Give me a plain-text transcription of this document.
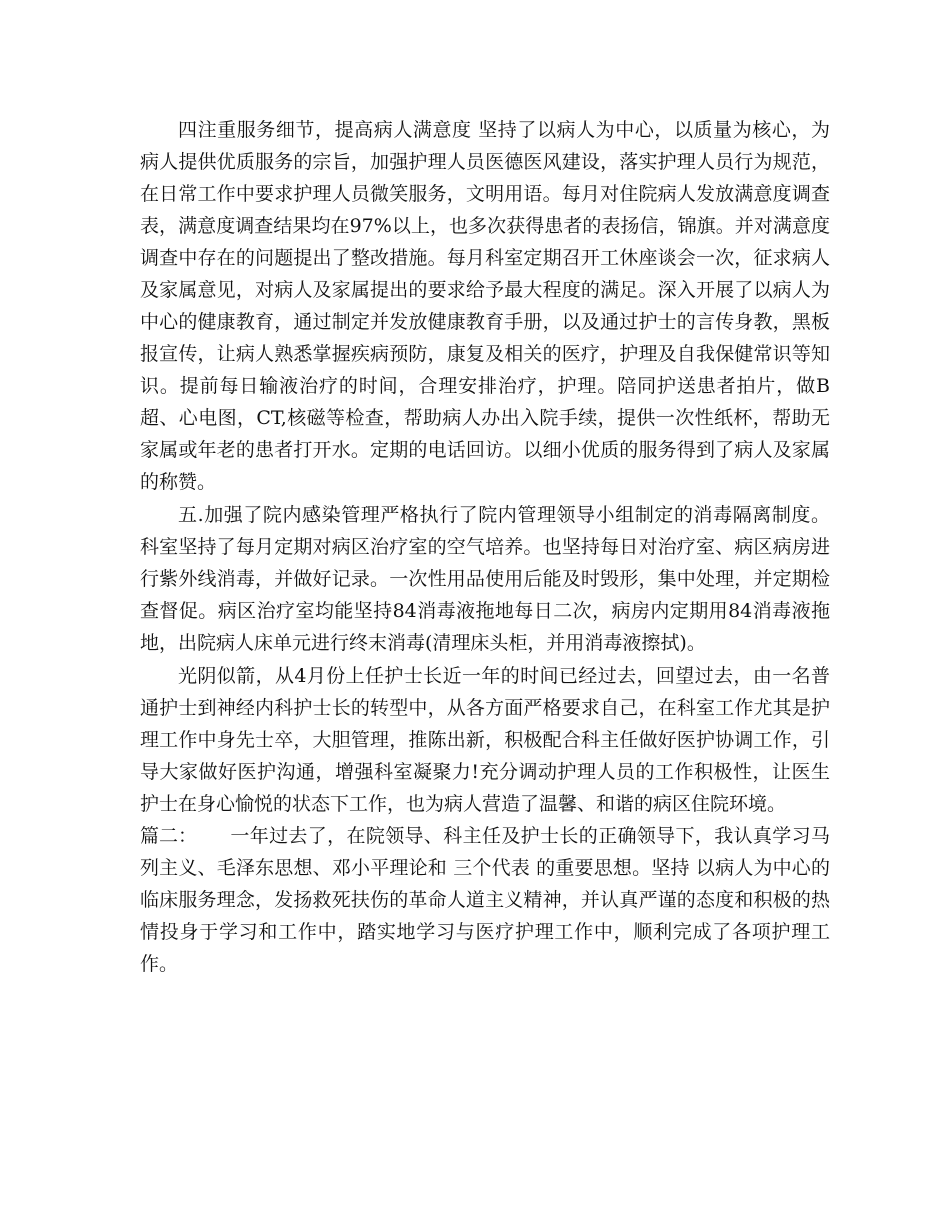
四注重服务细节，提高病人满意度 坚持了以病人为中心，以质量为核心，为病人提供优质服务的宗旨，加强护理人员医德医风建设，落实护理人员行为规范，在日常工作中要求护理人员微笑服务，文明用语。每月对住院病人发放满意度调查表，满意度调查结果均在97%以上，也多次获得患者的表扬信，锦旗。并对满意度调查中存在的问题提出了整改措施。每月科室定期召开工休座谈会一次，征求病人及家属意见，对病人及家属提出的要求给予最大程度的满足。深入开展了以病人为中心的健康教育，通过制定并发放健康教育手册，以及通过护士的言传身教，黑板报宣传，让病人熟悉掌握疾病预防，康复及相关的医疗，护理及自我保健常识等知识。提前每日输液治疗的时间，合理安排治疗，护理。陪同护送患者拍片，做B超、心电图，CT,核磁等检查，帮助病人办出入院手续，提供一次性纸杯，帮助无家属或年老的患者打开水。定期的电话回访。以细小优质的服务得到了病人及家属的称赞。

五.加强了院内感染管理严格执行了院内管理领导小组制定的消毒隔离制度。科室坚持了每月定期对病区治疗室的空气培养。也坚持每日对治疗室、病区病房进行紫外线消毒，并做好记录。一次性用品使用后能及时毁形，集中处理，并定期检查督促。病区治疗室均能坚持84消毒液拖地每日二次，病房内定期用84消毒液拖地，出院病人床单元进行终末消毒(清理床头柜，并用消毒液擦拭)。

光阴似箭，从4月份上任护士长近一年的时间已经过去，回望过去，由一名普通护士到神经内科护士长的转型中，从各方面严格要求自己，在科室工作尤其是护理工作中身先士卒，大胆管理，推陈出新，积极配合科主任做好医护协调工作，引导大家做好医护沟通，增强科室凝聚力!充分调动护理人员的工作积极性，让医生护士在身心愉悦的状态下工作，也为病人营造了温馨、和谐的病区住院环境。

篇二： 一年过去了，在院领导、科主任及护士长的正确领导下，我认真学习马列主义、毛泽东思想、邓小平理论和 三个代表 的重要思想。坚持 以病人为中心的临床服务理念，发扬救死扶伤的革命人道主义精神，并认真严谨的态度和积极的热情投身于学习和工作中，踏实地学习与医疗护理工作中，顺利完成了各项护理工作。
